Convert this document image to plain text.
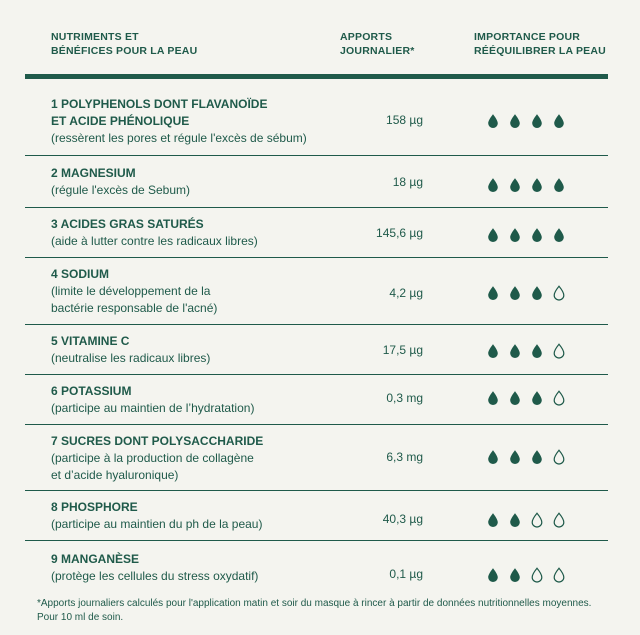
NUTRIMENTS ET
BÉNÉFICES POUR LA PEAU
APPORTS
JOURNALIER*
IMPORTANCE POUR
RÉÉQUILIBRER LA PEAU
1 POLYPHENOLS DONT FLAVANOÏDE
ET ACIDE PHÉNOLIQUE
(ressèrent les pores et régule l'excès de sébum)
158 µg
2 MAGNESIUM
(régule l'excès de Sebum)
18 µg
3 ACIDES GRAS SATURÉS
(aide à lutter contre les radicaux libres)
145,6 µg
4 SODIUM
(limite le développement de la
bactérie responsable de l'acné)
4,2 µg
5 VITAMINE C
(neutralise les radicaux libres)
17,5 µg
6 POTASSIUM
(participe au maintien de l’hydratation)
0,3 mg
7 SUCRES DONT POLYSACCHARIDE
(participe à la production de collagène
et d’acide hyaluronique)
6,3 mg
8 PHOSPHORE
(participe au maintien du ph de la peau)	40,3 µg
9 MANGANÈSE
(protège les cellules du stress oxydatif)	0,1 µg
*Apports journaliers calculés pour l'application matin et soir du masque à rincer à partir de données nutritionnelles moyennes.
Pour 10 ml de soin.
